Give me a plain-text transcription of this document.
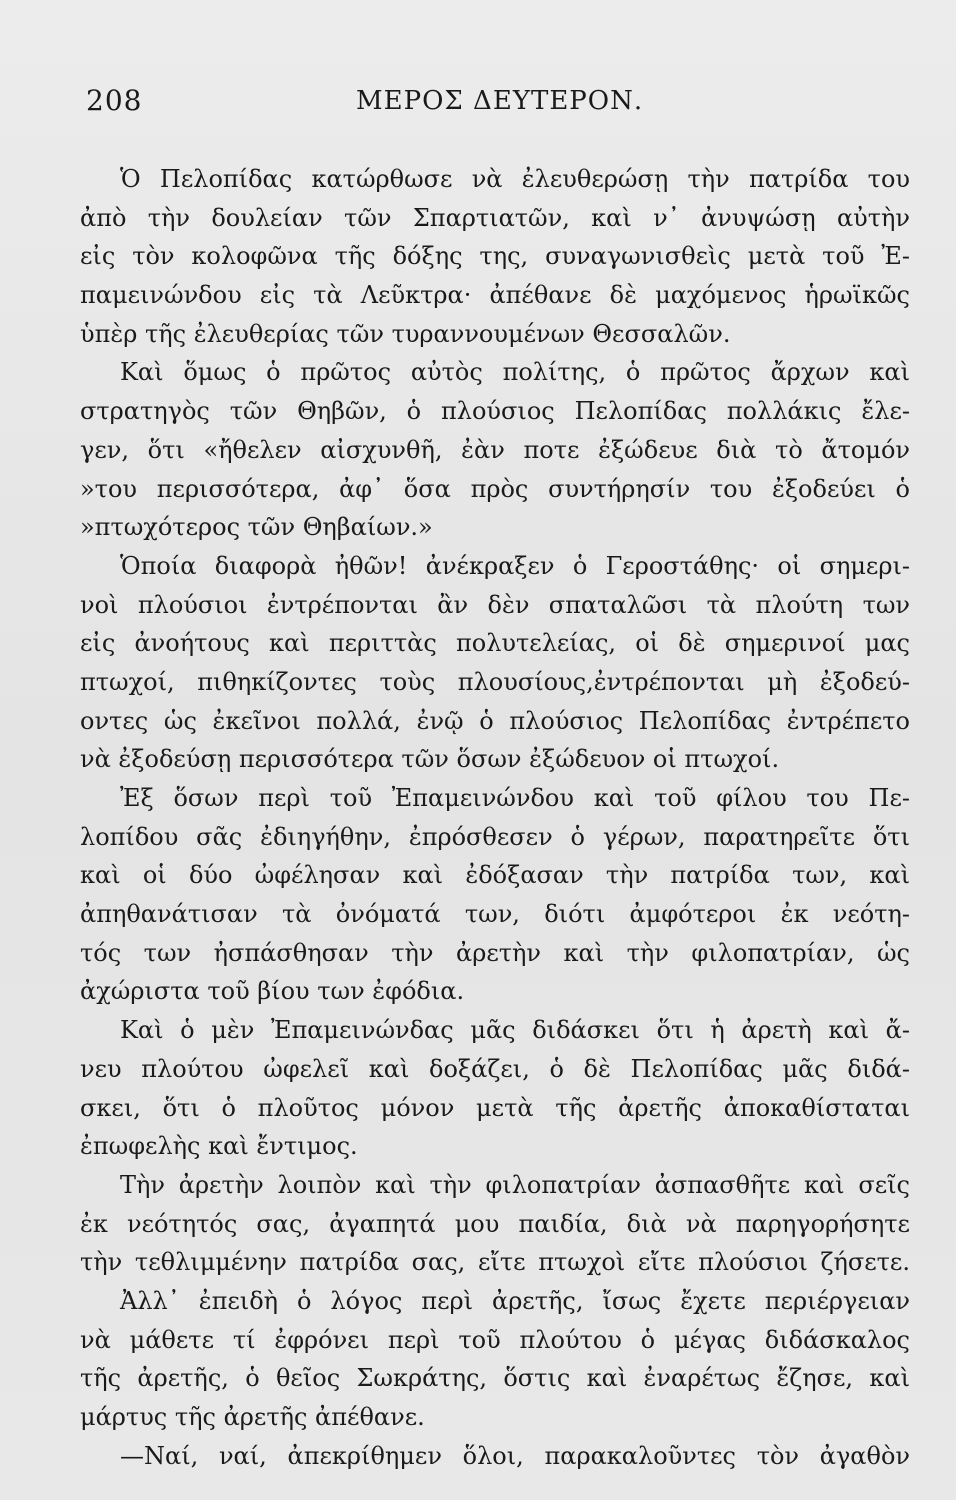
208	ΜΕΡΟΣ ΔΕΥΤΕΡΟΝ.
Ὁ Πελοπίδας κατώρθωσε νὰ ἐλευθερώσῃ τὴν πατρίδα του
ἀπὸ τὴν δουλείαν τῶν Σπαρτιατῶν, καὶ ν᾽ ἀνυψώσῃ αὐτὴν
εἰς τὸν κολοφῶνα τῆς δόξης της, συναγωνισθεὶς μετὰ τοῦ Ἐ-
παμεινώνδου εἰς τὰ Λεῦκτρα· ἀπέθανε δὲ μαχόμενος ἡρωϊκῶς
ὑπὲρ τῆς ἐλευθερίας τῶν τυραννουμένων Θεσσαλῶν.
Καὶ ὅμως ὁ πρῶτος αὐτὸς πολίτης, ὁ πρῶτος ἄρχων καὶ
στρατηγὸς τῶν Θηβῶν, ὁ πλούσιος Πελοπίδας πολλάκις ἔλε-
γεν, ὅτι «ἤθελεν αἰσχυνθῆ, ἐὰν ποτε ἐξώδευε διὰ τὸ ἄτομόν
»του περισσότερα, ἀφ᾽ ὅσα πρὸς συντήρησίν του ἐξοδεύει ὁ
»πτωχότερος τῶν Θηβαίων.»
Ὁποία διαφορὰ ἠθῶν! ἀνέκραξεν ὁ Γεροστάθης· οἱ σημερι-
νοὶ πλούσιοι ἐντρέπονται ἂν δὲν σπαταλῶσι τὰ πλούτη των
εἰς ἀνοήτους καὶ περιττὰς πολυτελείας, οἱ δὲ σημερινοί μας
πτωχοί, πιθηκίζοντες τοὺς πλουσίους,ἐντρέπονται μὴ ἐξοδεύ-
οντες ὡς ἐκεῖνοι πολλά, ἐνῷ ὁ πλούσιος Πελοπίδας ἐντρέπετο
νὰ ἐξοδεύσῃ περισσότερα τῶν ὅσων ἐξώδευον οἱ πτωχοί.
Ἐξ ὅσων περὶ τοῦ Ἐπαμεινώνδου καὶ τοῦ φίλου του Πε-
λοπίδου σᾶς ἐδιηγήθην, ἐπρόσθεσεν ὁ γέρων, παρατηρεῖτε ὅτι
καὶ οἱ δύο ὠφέλησαν καὶ ἐδόξασαν τὴν πατρίδα των, καὶ
ἀπηθανάτισαν τὰ ὀνόματά των, διότι ἀμφότεροι ἐκ νεότη-
τός των ἠσπάσθησαν τὴν ἀρετὴν καὶ τὴν φιλοπατρίαν, ὡς
ἀχώριστα τοῦ βίου των ἐφόδια.
Καὶ ὁ μὲν Ἐπαμεινώνδας μᾶς διδάσκει ὅτι ἡ ἀρετὴ καὶ ἄ-
νευ πλούτου ὠφελεῖ καὶ δοξάζει, ὁ δὲ Πελοπίδας μᾶς διδά-
σκει, ὅτι ὁ πλοῦτος μόνον μετὰ τῆς ἀρετῆς ἀποκαθίσταται
ἐπωφελὴς καὶ ἔντιμος.
Τὴν ἀρετὴν λοιπὸν καὶ τὴν φιλοπατρίαν ἀσπασθῆτε καὶ σεῖς
ἐκ νεότητός σας, ἀγαπητά μου παιδία, διὰ νὰ παρηγορήσητε
τὴν τεθλιμμένην πατρίδα σας, εἴτε πτωχοὶ εἴτε πλούσιοι ζήσετε.
Ἀλλ᾽ ἐπειδὴ ὁ λόγος περὶ ἀρετῆς, ἴσως ἔχετε περιέργειαν
νὰ μάθετε τί ἐφρόνει περὶ τοῦ πλούτου ὁ μέγας διδάσκαλος
τῆς ἀρετῆς, ὁ θεῖος Σωκράτης, ὅστις καὶ ἐναρέτως ἔζησε, καὶ
μάρτυς τῆς ἀρετῆς ἀπέθανε.
—Ναί, ναί, ἀπεκρίθημεν ὅλοι, παρακαλοῦντες τὸν ἀγαθὸν
